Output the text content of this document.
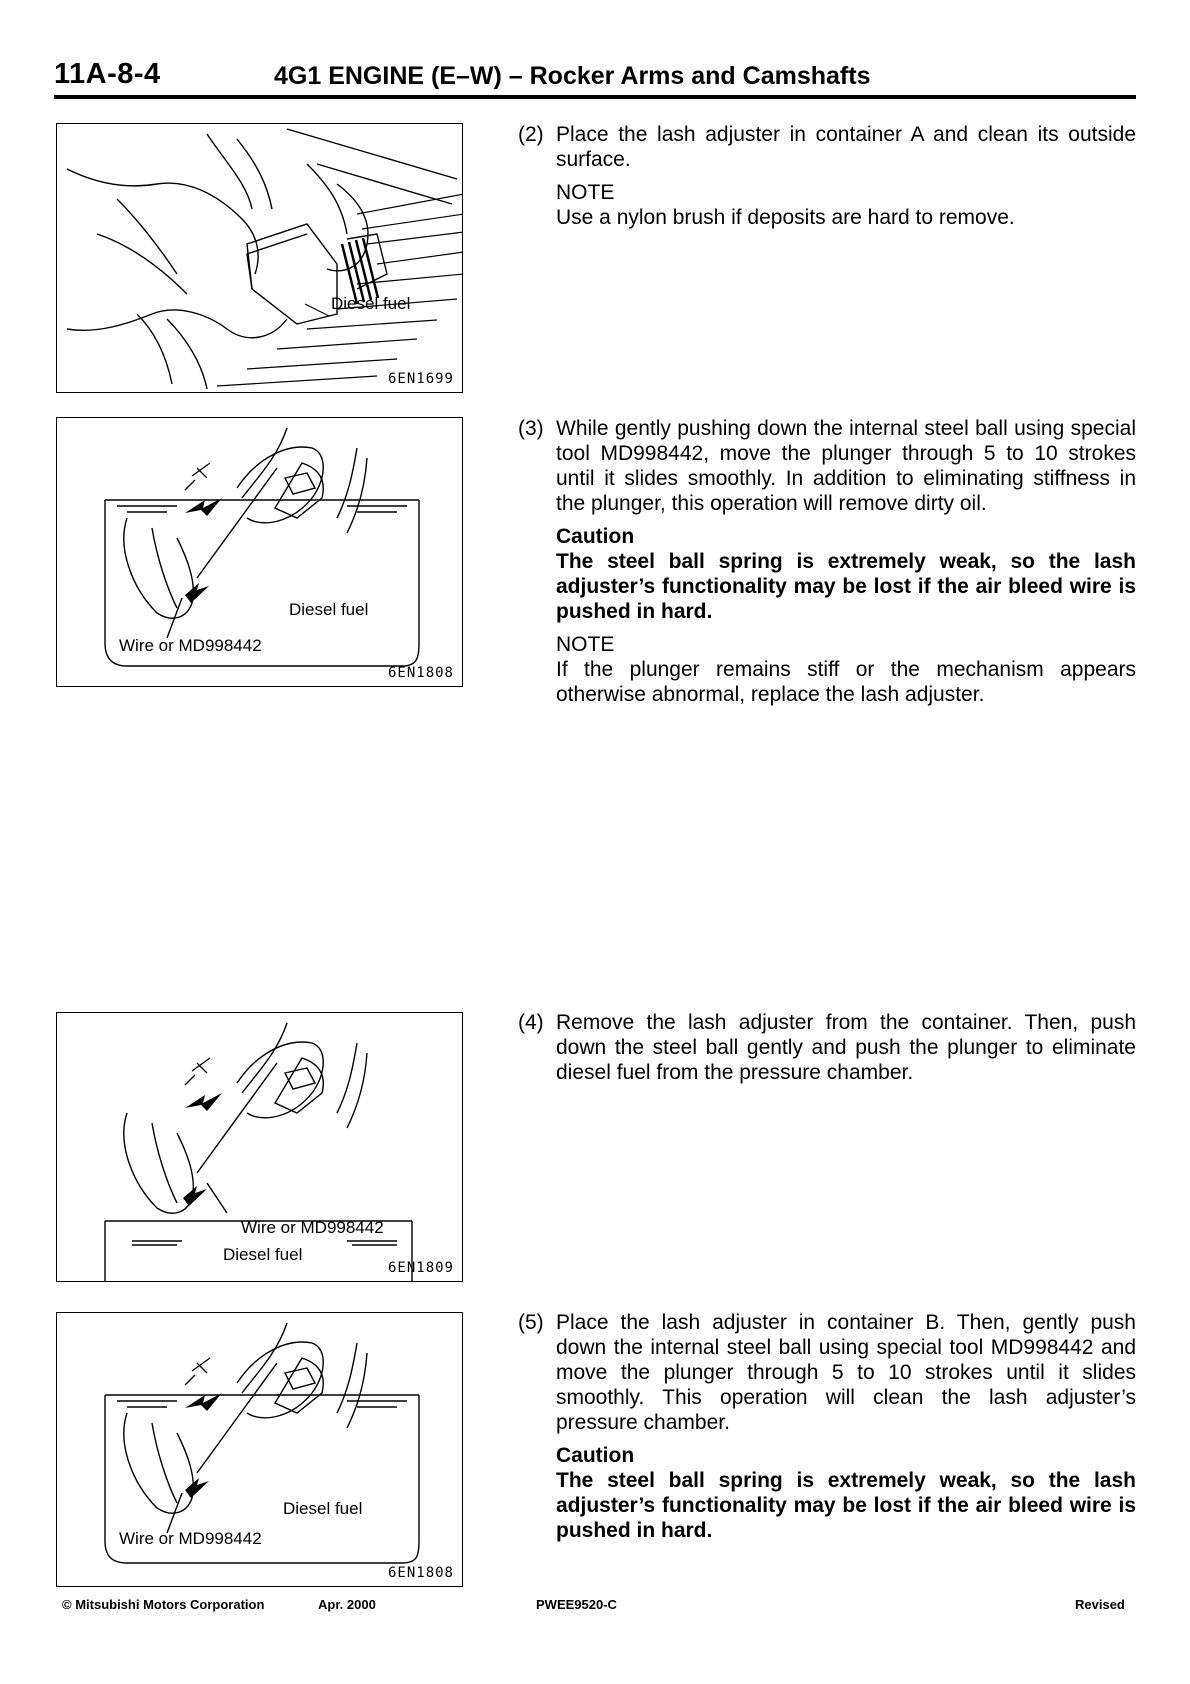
11A-8-4	4G1 ENGINE (E–W) – Rocker Arms and Camshafts
Diesel fuel
6EN1699
Diesel fuel
Wire or MD998442
6EN1808
Wire or MD998442
Diesel fuel
6EN1809
Diesel fuel
Wire or MD998442
6EN1808
(2) Place the lash adjuster in container A and clean its outside surface.

NOTE
Use a nylon brush if deposits are hard to remove.
(3) While gently pushing down the internal steel ball using special tool MD998442, move the plunger through 5 to 10 strokes until it slides smoothly. In addition to eliminating stiffness in the plunger, this operation will remove dirty oil.

Caution
The steel ball spring is extremely weak, so the lash adjuster’s functionality may be lost if the air bleed wire is pushed in hard.
NOTE
If the plunger remains stiff or the mechanism appears otherwise abnormal, replace the lash adjuster.
(4) Remove the lash adjuster from the container. Then, push down the steel ball gently and push the plunger to eliminate diesel fuel from the pressure chamber.

(5) Place the lash adjuster in container B. Then, gently push down the internal steel ball using special tool MD998442 and move the plunger through 5 to 10 strokes until it slides smoothly. This operation will clean the lash adjuster’s pressure chamber.

Caution
The steel ball spring is extremely weak, so the lash adjuster’s functionality may be lost if the air bleed wire is pushed in hard.
© Mitsubishi Motors Corporation	Apr. 2000	PWEE9520-C	Revised
